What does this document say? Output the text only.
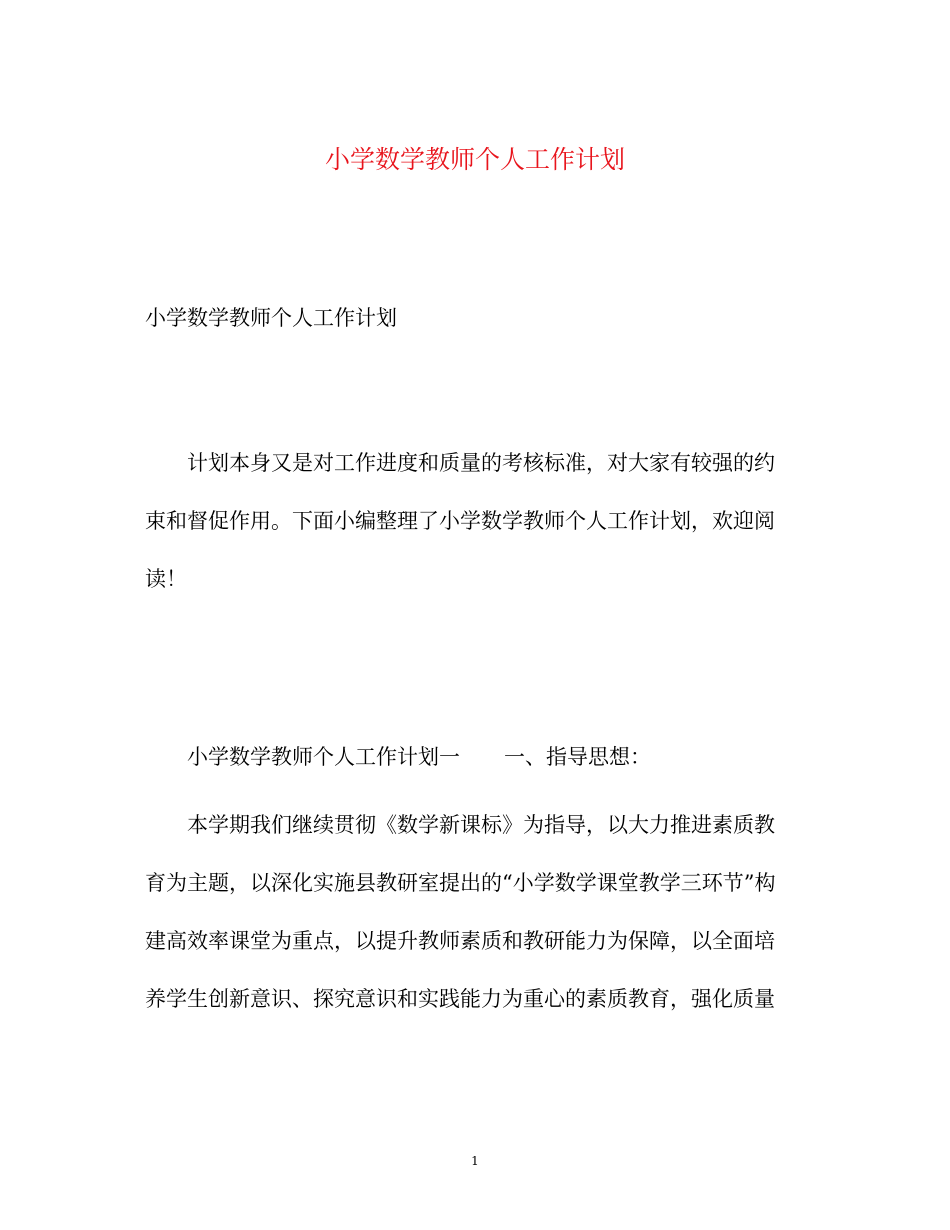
小学数学教师个人工作计划
小学数学教师个人工作计划

计划本身又是对工作进度和质量的考核标准，对大家有较强的约
束和督促作用。下面小编整理了小学数学教师个人工作计划，欢迎阅
读！

小学数学教师个人工作计划一 一、指导思想：

本学期我们继续贯彻《数学新课标》为指导，以大力推进素质教
育为主题，以深化实施县教研室提出的“小学数学课堂教学三环节”构
建高效率课堂为重点，以提升教师素质和教研能力为保障，以全面培
养学生创新意识、探究意识和实践能力为重心的素质教育，强化质量

1
